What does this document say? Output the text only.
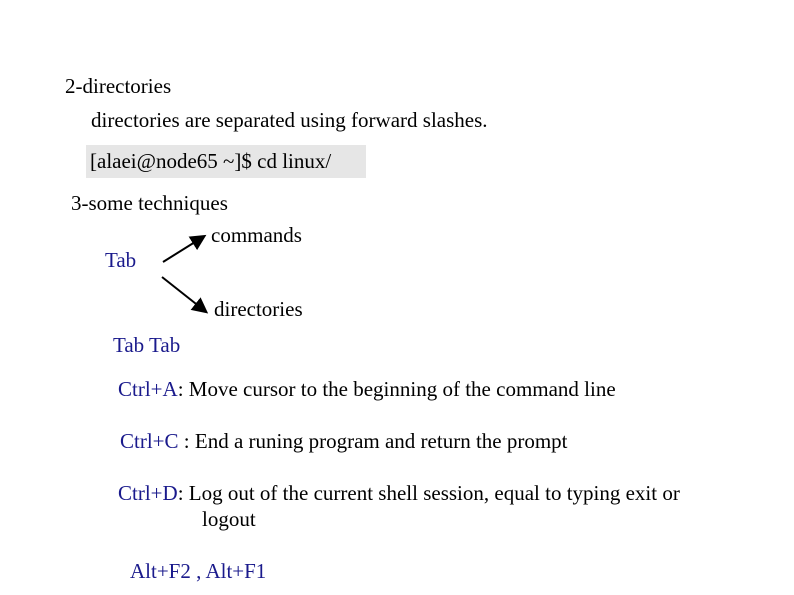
2-directories
directories are separated using forward slashes.
[alaei@node65 ~]$ cd linux/
3-some techniques
commands
Tab
directories
Tab Tab
Ctrl+A: Move cursor to the beginning of the command line
Ctrl+C : End a runing program and return the prompt
Ctrl+D: Log out of the current shell session, equal to typing exit or
logout
Alt+F2 , Alt+F1
